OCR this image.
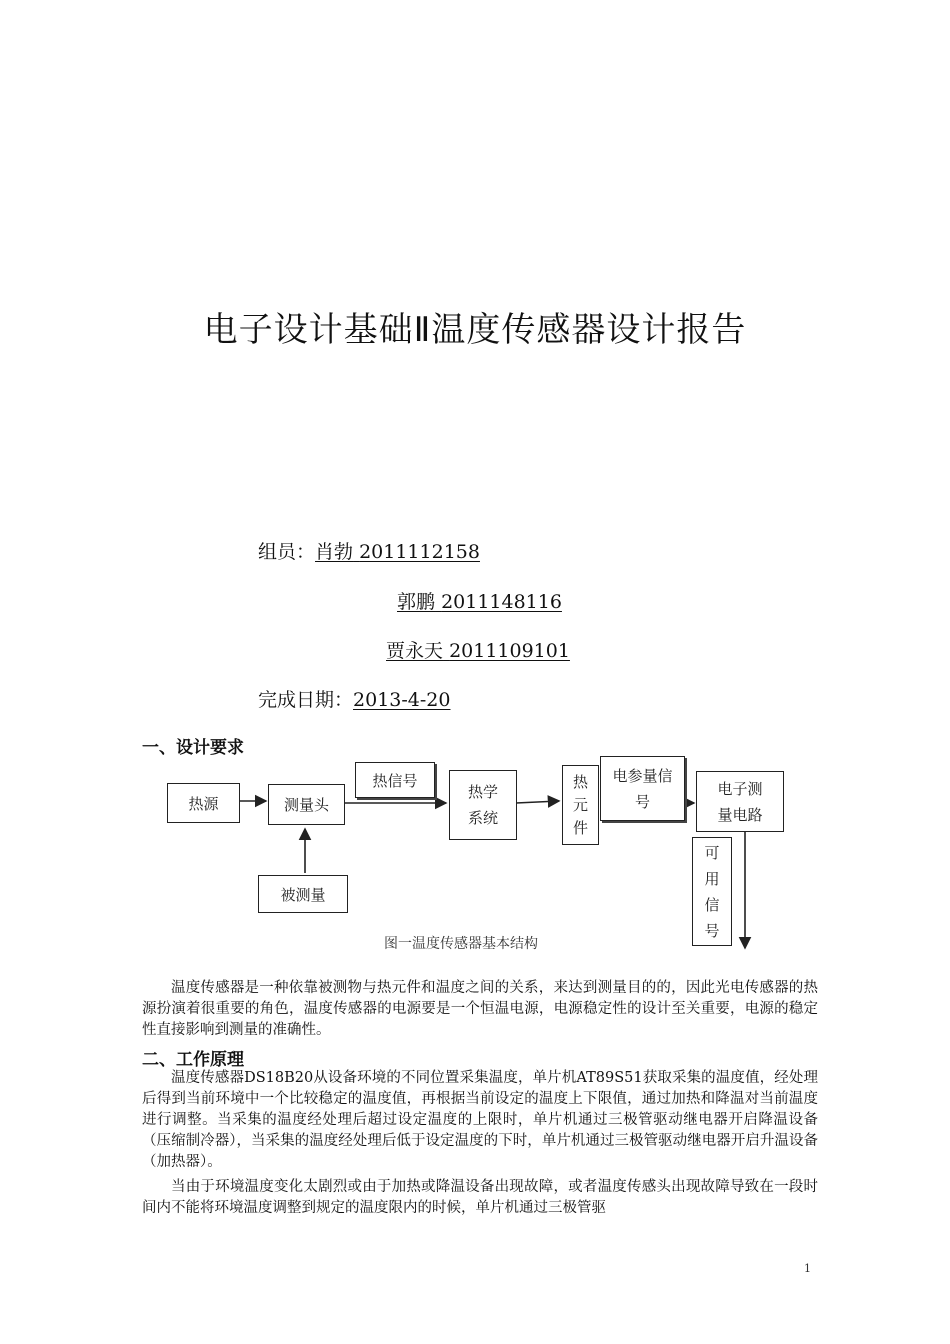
电子设计基础Ⅱ温度传感器设计报告
组员：肖勃 2011112158
郭鹏 2011148116
贾永天 2011109101
完成日期：2013-4-20
一、设计要求
热源	测量头
被测量
热信号
热学系统
热元件
电参量信号
电子测量电路
可用信号
图一温度传感器基本结构
温度传感器是一种依靠被测物与热元件和温度之间的关系，来达到测量目的的，因此光电传感器的热源扮演着很重要的角色，温度传感器的电源要是一个恒温电源，电源稳定性的设计至关重要，电源的稳定性直接影响到测量的准确性。
二、工作原理
温度传感器DS18B20从设备环境的不同位置采集温度，单片机AT89S51获取采集的温度值，经处理后得到当前环境中一个比较稳定的温度值，再根据当前设定的温度上下限值，通过加热和降温对当前温度进行调整。当采集的温度经处理后超过设定温度的上限时，单片机通过三极管驱动继电器开启降温设备（压缩制冷器），当采集的温度经处理后低于设定温度的下时，单片机通过三极管驱动继电器开启升温设备（加热器）。
当由于环境温度变化太剧烈或由于加热或降温设备出现故障，或者温度传感头出现故障导致在一段时间内不能将环境温度调整到规定的温度限内的时候，单片机通过三极管驱
1
